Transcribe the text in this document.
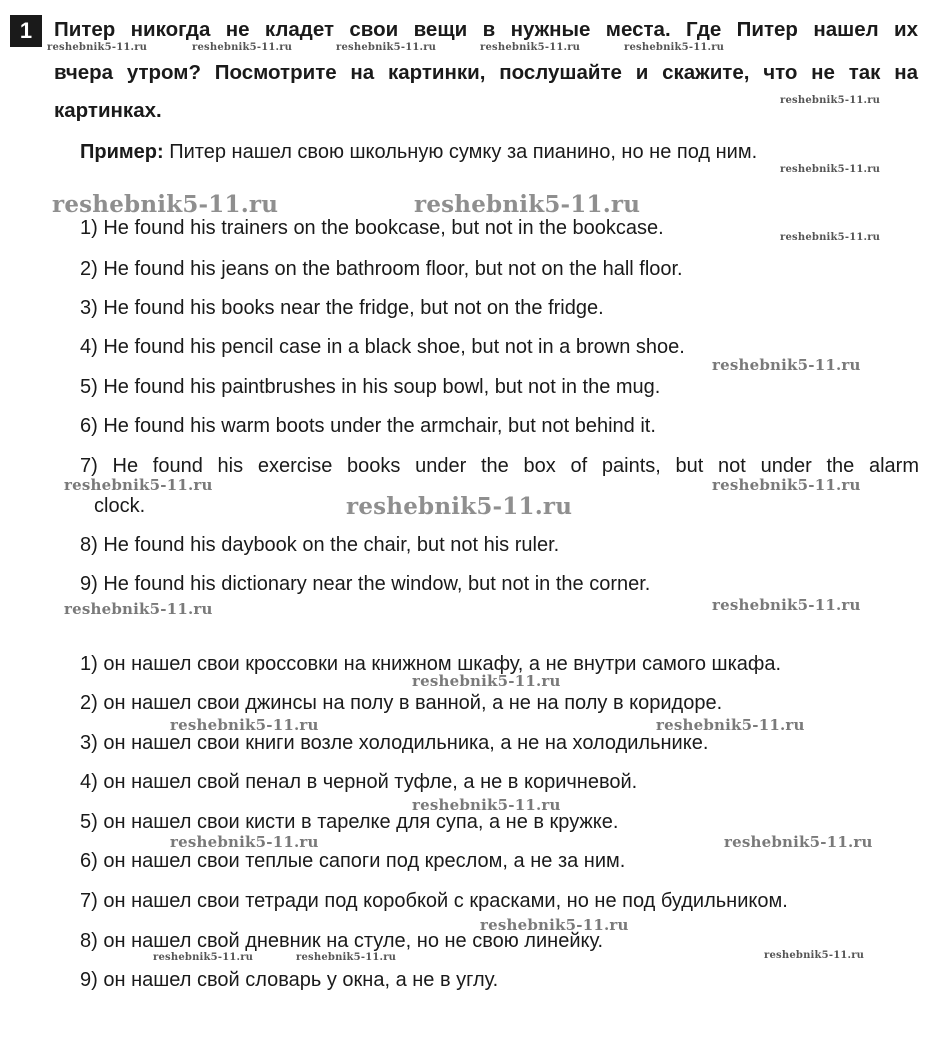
1	Питер никогда не кладет свои вещи в нужные места. Где Питер нашел их
вчера утром? Посмотрите на картинки, послушайте и скажите, что не так на
картинках.
Пример: Питер нашел свою школьную сумку за пианино, но не под ним.
1) He found his trainers on the bookcase, but not in the bookcase.
2) He found his jeans on the bathroom floor, but not on the hall floor.
3) He found his books near the fridge, but not on the fridge.
4) He found his pencil case in a black shoe, but not in a brown shoe.
5) He found his paintbrushes in his soup bowl, but not in the mug.
6) He found his warm boots under the armchair, but not behind it.
7) He found his exercise books under the box of paints, but not under the alarm
clock.
8) He found his daybook on the chair, but not his ruler.
9) He found his dictionary near the window, but not in the corner.
1) он нашел свои кроссовки на книжном шкафу, а не внутри самого шкафа.
2) он нашел свои джинсы на полу в ванной, а не на полу в коридоре.
3) он нашел свои книги возле холодильника, а не на холодильнике.
4) он нашел свой пенал в черной туфле, а не в коричневой.
5) он нашел свои кисти в тарелке для супа, а не в кружке.
6) он нашел свои теплые сапоги под креслом, а не за ним.
7) он нашел свои тетради под коробкой с красками, но не под будильником.
8) он нашел свой дневник на стуле, но не свою линейку.
9) он нашел свой словарь у окна, а не в углу.
reshebnik5-11.ru	reshebnik5-11.ru	reshebnik5-11.ru	reshebnik5-11.ru	reshebnik5-11.ru
reshebnik5-11.ru
reshebnik5-11.ru
reshebnik5-11.ru	reshebnik5-11.ru
reshebnik5-11.ru
reshebnik5-11.ru
reshebnik5-11.ru	reshebnik5-11.ru
reshebnik5-11.ru
reshebnik5-11.ru	reshebnik5-11.ru
reshebnik5-11.ru
reshebnik5-11.ru	reshebnik5-11.ru
reshebnik5-11.ru
reshebnik5-11.ru	reshebnik5-11.ru
reshebnik5-11.ru
reshebnik5-11.ru	reshebnik5-11.ru	reshebnik5-11.ru
